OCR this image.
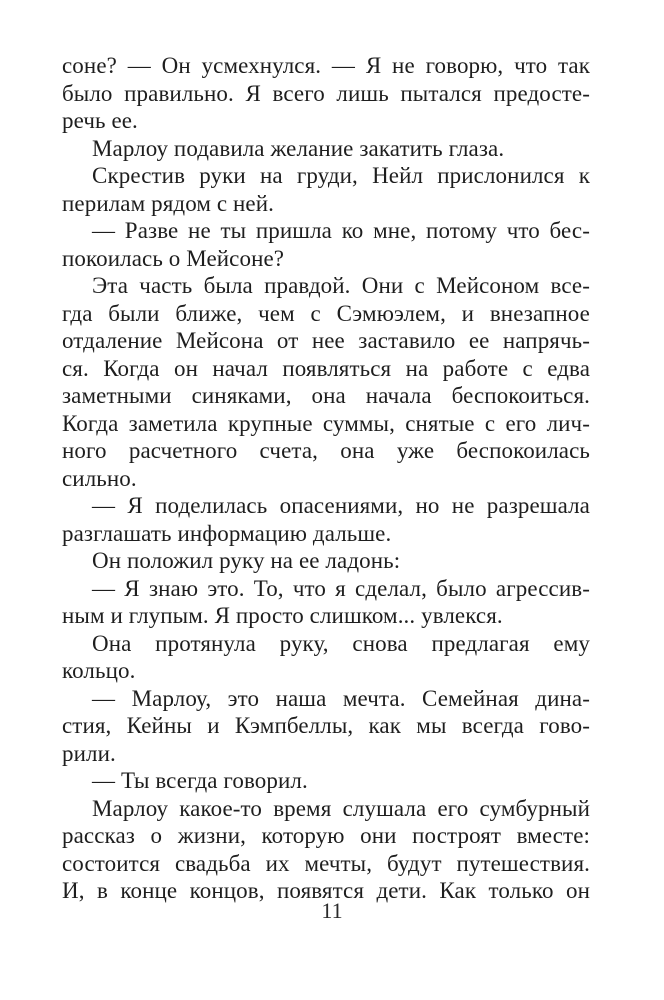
соне? — Он усмехнулся. — Я не говорю, что так
было правильно. Я всего лишь пытался предосте-
речь ее.
Марлоу подавила желание закатить глаза.
Скрестив руки на груди, Нейл прислонился к
перилам рядом с ней.
— Разве не ты пришла ко мне, потому что бес-
покоилась о Мейсоне?
Эта часть была правдой. Они с Мейсоном все-
гда были ближе, чем с Сэмюэлем, и внезапное
отдаление Мейсона от нее заставило ее напрячь-
ся. Когда он начал появляться на работе с едва
заметными синяками, она начала беспокоиться.
Когда заметила крупные суммы, снятые с его лич-
ного расчетного счета, она уже беспокоилась
сильно.
— Я поделилась опасениями, но не разрешала
разглашать информацию дальше.
Он положил руку на ее ладонь:
— Я знаю это. То, что я сделал, было агрессив-
ным и глупым. Я просто слишком... увлекся.
Она протянула руку, снова предлагая ему
кольцо.
— Марлоу, это наша мечта. Семейная дина-
стия, Кейны и Кэмпбеллы, как мы всегда гово-
рили.
— Ты всегда говорил.
Марлоу какое-то время слушала его сумбурный
рассказ о жизни, которую они построят вместе:
состоится свадьба их мечты, будут путешествия.
И, в конце концов, появятся дети. Как только он
11
